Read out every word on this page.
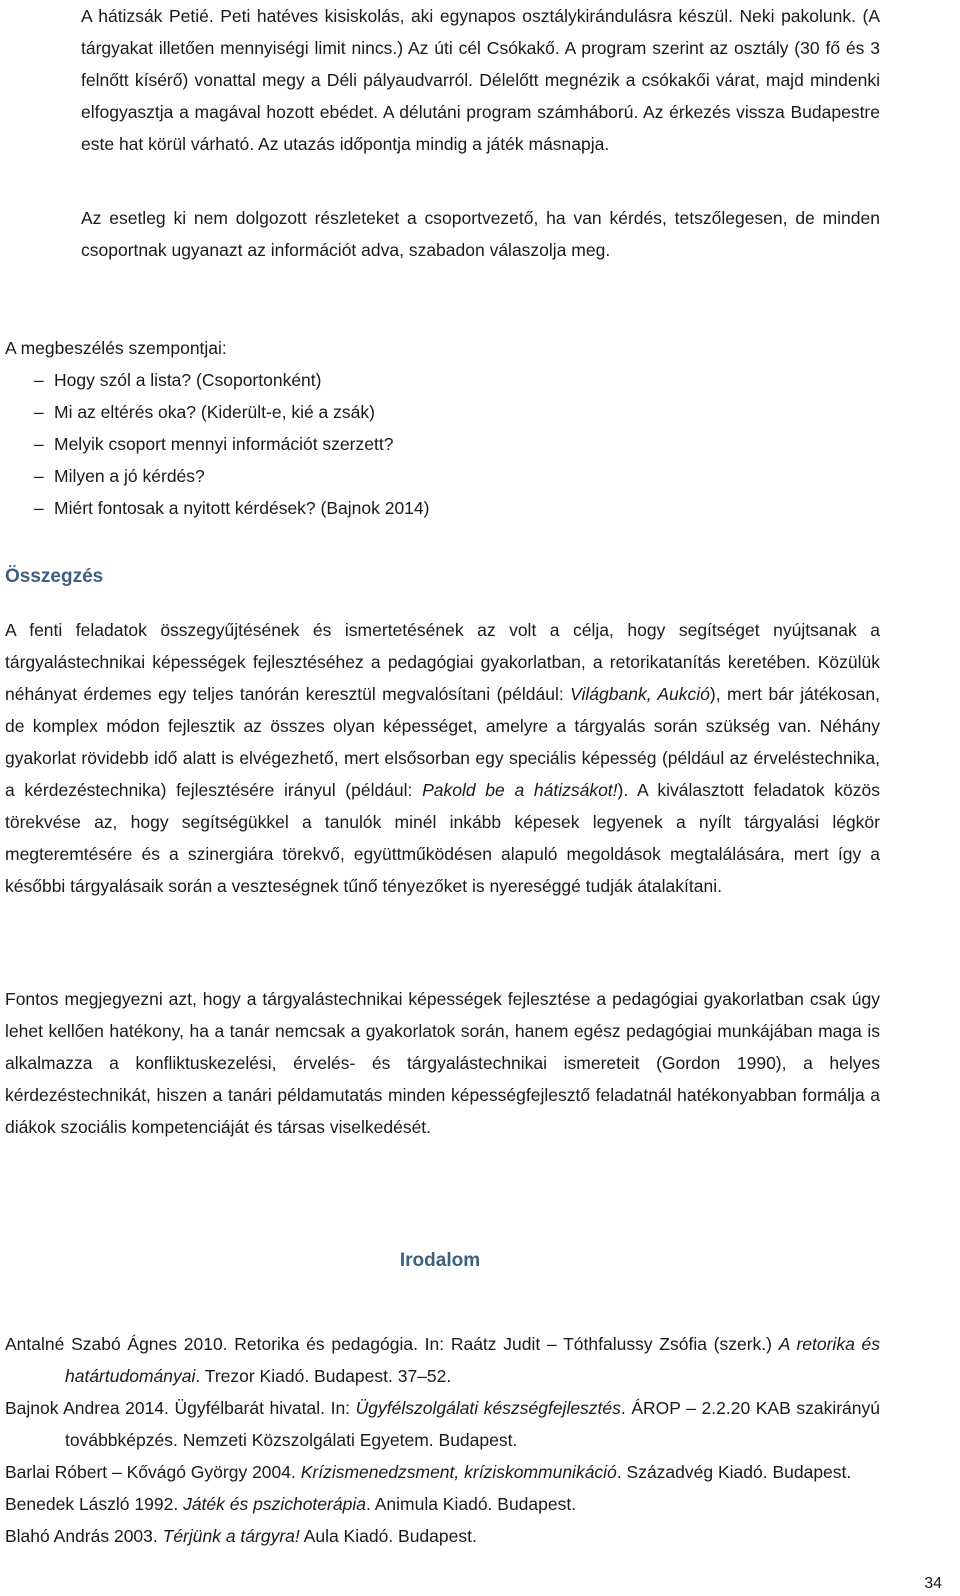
A hátizsák Petié. Peti hatéves kisiskolás, aki egynapos osztálykirándulásra készül. Neki pakolunk. (A tárgyakat illetően mennyiségi limit nincs.) Az úti cél Csókakő. A program szerint az osztály (30 fő és 3 felnőtt kísérő) vonattal megy a Déli pályaudvarról. Délelőtt megnézik a csókakői várat, majd mindenki elfogyasztja a magával hozott ebédet. A délutáni program számháború. Az érkezés vissza Budapestre este hat körül várható. Az utazás időpontja mindig a játék másnapja.

Az esetleg ki nem dolgozott részleteket a csoportvezető, ha van kérdés, tetszőlegesen, de minden csoportnak ugyanazt az információt adva, szabadon válaszolja meg.

A megbeszélés szempontjai:
– Hogy szól a lista? (Csoportonként)
– Mi az eltérés oka? (Kiderült-e, kié a zsák)
– Melyik csoport mennyi információt szerzett?
– Milyen a jó kérdés?
– Miért fontosak a nyitott kérdések? (Bajnok 2014)
Összegzés

A fenti feladatok összegyűjtésének és ismertetésének az volt a célja, hogy segítséget nyújtsanak a tárgyalástechnikai képességek fejlesztéséhez a pedagógiai gyakorlatban, a retorikatanítás keretében. Közülük néhányat érdemes egy teljes tanórán keresztül megvalósítani (például: Világbank, Aukció), mert bár játékosan, de komplex módon fejlesztik az összes olyan képességet, amelyre a tárgyalás során szükség van. Néhány gyakorlat rövidebb idő alatt is elvégezhető, mert elsősorban egy speciális képesség (például az érveléstechnika, a kérdezéstechnika) fejlesztésére irányul (például: Pakold be a hátizsákot!). A kiválasztott feladatok közös törekvése az, hogy segítségükkel a tanulók minél inkább képesek legyenek a nyílt tárgyalási légkör megteremtésére és a szinergiára törekvő, együttműködésen alapuló megoldások megtalálására, mert így a későbbi tárgyalásaik során a veszteségnek tűnő tényezőket is nyereséggé tudják átalakítani.

Fontos megjegyezni azt, hogy a tárgyalástechnikai képességek fejlesztése a pedagógiai gyakorlatban csak úgy lehet kellően hatékony, ha a tanár nemcsak a gyakorlatok során, hanem egész pedagógiai munkájában maga is alkalmazza a konfliktuskezelési, érvelés- és tárgyalástechnikai ismereteit (Gordon 1990), a helyes kérdezéstechnikát, hiszen a tanári példamutatás minden képességfejlesztő feladatnál hatékonyabban formálja a diákok szociális kompetenciáját és társas viselkedését.

Irodalom
Antalné Szabó Ágnes 2010. Retorika és pedagógia. In: Raátz Judit – Tóthfalussy Zsófia (szerk.) A retorika és határtudományai. Trezor Kiadó. Budapest. 37–52.
Bajnok Andrea 2014. Ügyfélbarát hivatal. In: Ügyfélszolgálati készségfejlesztés. ÁROP – 2.2.20 KAB szakirányú továbbképzés. Nemzeti Közszolgálati Egyetem. Budapest.
Barlai Róbert – Kővágó György 2004. Krízismenedzsment, kríziskommunikáció. Századvég Kiadó. Budapest.
Benedek László 1992. Játék és pszichoterápia. Animula Kiadó. Budapest.
Blahó András 2003. Térjünk a tárgyra! Aula Kiadó. Budapest.
34
